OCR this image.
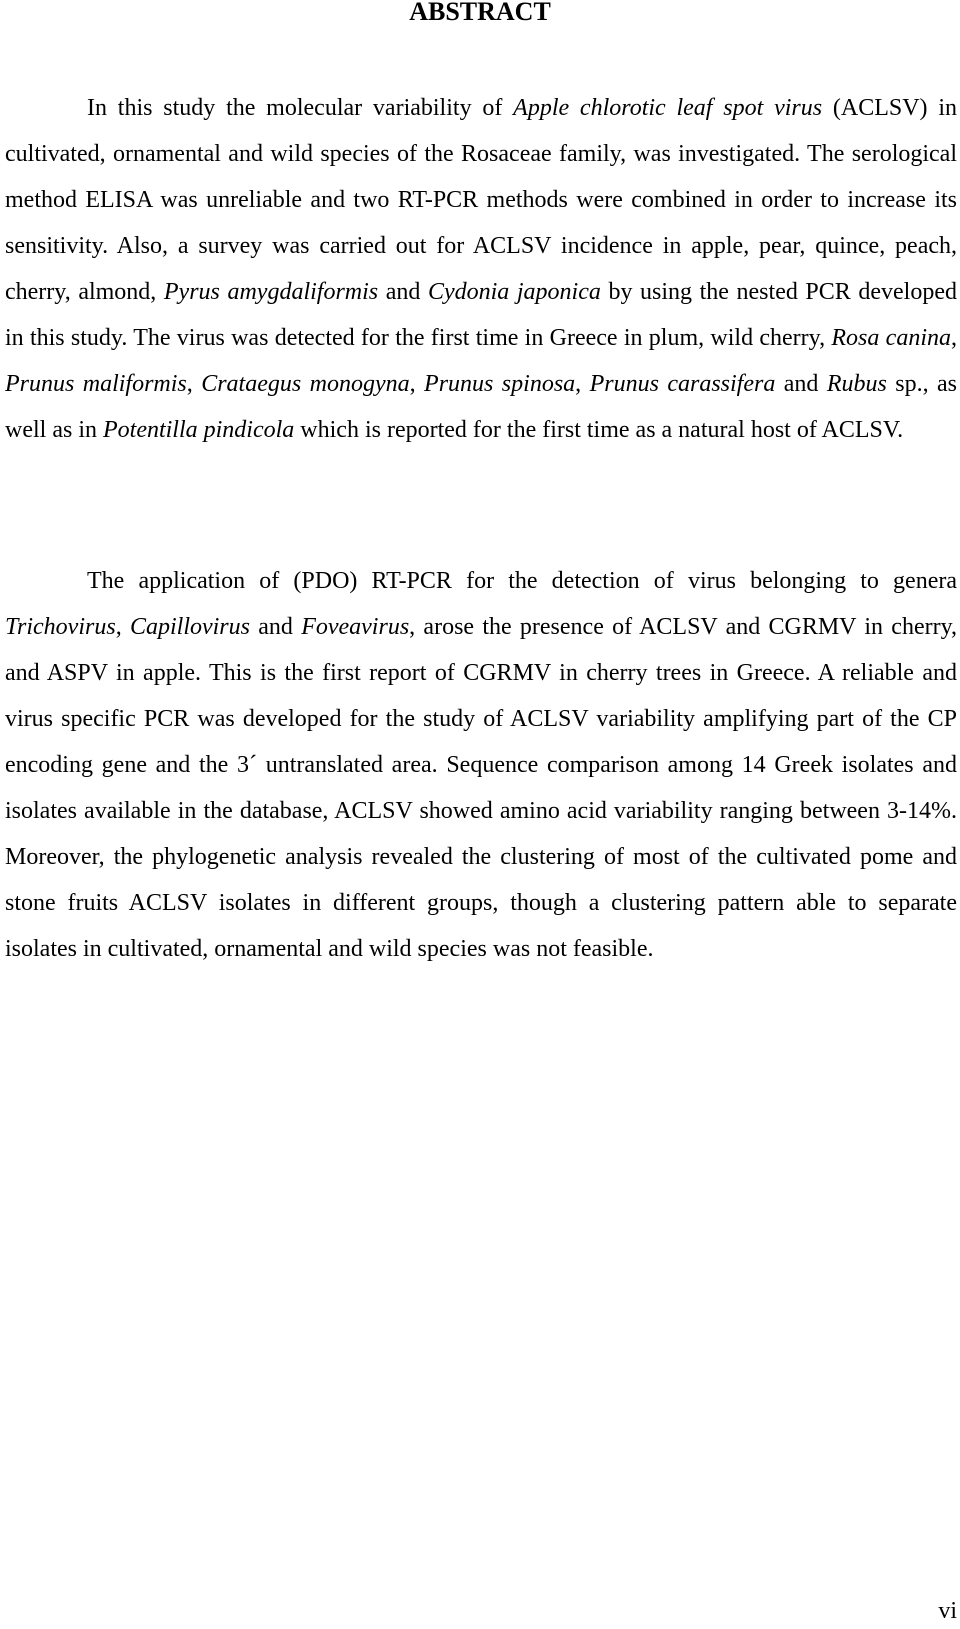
ABSTRACT

In this study the molecular variability of Apple chlorotic leaf spot virus (ACLSV) in cultivated, ornamental and wild species of the Rosaceae family, was investigated. The serological method ELISA was unreliable and two RT-PCR methods were combined in order to increase its sensitivity. Also, a survey was carried out for ACLSV incidence in apple, pear, quince, peach, cherry, almond, Pyrus amygdaliformis and Cydonia japonica by using the nested PCR developed in this study. The virus was detected for the first time in Greece in plum, wild cherry, Rosa canina, Prunus maliformis, Crataegus monogyna, Prunus spinosa, Prunus carassifera and Rubus sp., as well as in Potentilla pindicola which is reported for the first time as a natural host of ACLSV.

The application of (PDO) RT-PCR for the detection of virus belonging to genera Trichovirus, Capillovirus and Foveavirus, arose the presence of ACLSV and CGRMV in cherry, and ASPV in apple. This is the first report of CGRMV in cherry trees in Greece. A reliable and virus specific PCR was developed for the study of ACLSV variability amplifying part of the CP encoding gene and the 3´ untranslated area. Sequence comparison among 14 Greek isolates and isolates available in the database, ACLSV showed amino acid variability ranging between 3-14%. Moreover, the phylogenetic analysis revealed the clustering of most of the cultivated pome and stone fruits ACLSV isolates in different groups, though a clustering pattern able to separate isolates in cultivated, ornamental and wild species was not feasible.

vi
